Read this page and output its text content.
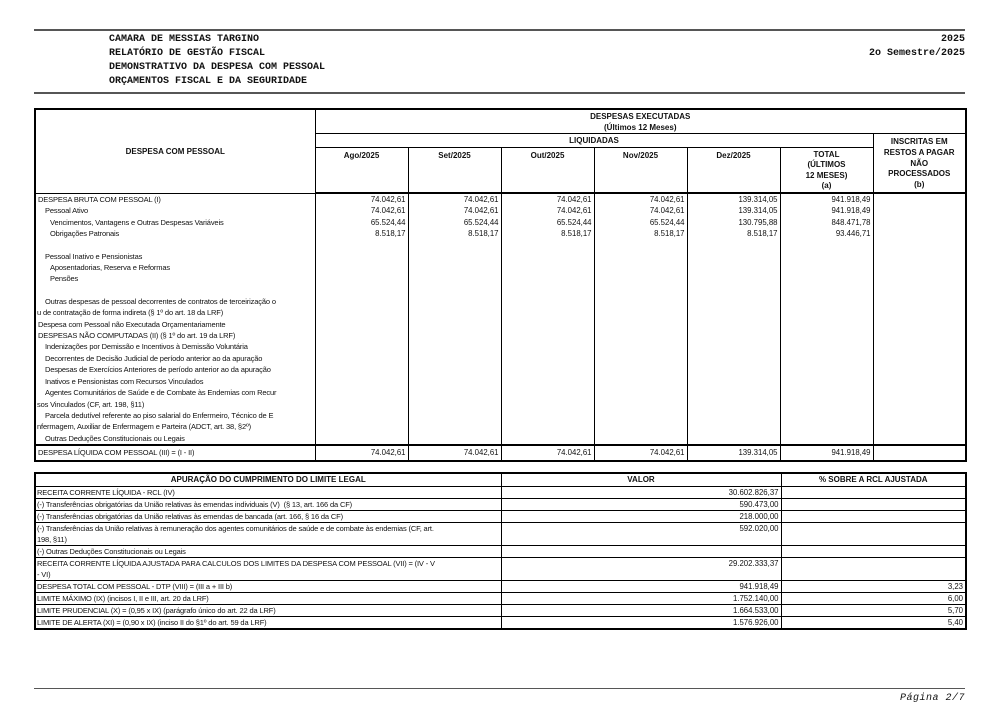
CAMARA DE MESSIAS TARGINO
RELATÓRIO DE GESTÃO FISCAL
DEMONSTRATIVO DA DESPESA COM PESSOAL
ORÇAMENTOS FISCAL E DA SEGURIDADE
2025
2o Semestre/2025
DESPESA COM PESSOAL	DESPESAS EXECUTADAS
(Últimos 12 Meses)						

	LIQUIDADAS						INSCRITAS EM
RESTOS A PAGAR
NÃO
PROCESSADOS
(b)

	Ago/2025	Set/2025	Out/2025	Nov/2025	Dez/2025	TOTAL
(ÚLTIMOS
12 MESES)
(a)	

DESPESA BRUTA COM PESSOAL (I)	74.042,61	74.042,61	74.042,61	74.042,61	139.314,05	941.918,49	

Pessoal Ativo	74.042,61	74.042,61	74.042,61	74.042,61	139.314,05	941.918,49	

Vencimentos, Vantagens e Outras Despesas Variáveis	65.524,44	65.524,44	65.524,44	65.524,44	130.795,88	848.471,78	

Obrigações Patronais	8.518,17	8.518,17	8.518,17	8.518,17	8.518,17	93.446,71	

Pessoal Inativo e Pensionistas							

Aposentadorias, Reserva e Reformas							

Pensões							

Outras despesas de pessoal decorrentes de contratos de terceirização o
u de contratação de forma indireta (§ 1º do art. 18 da LRF)							

Despesa com Pessoal não Executada Orçamentariamente							

DESPESAS NÃO COMPUTADAS (II) (§ 1º do art. 19 da LRF)							

Indenizações por Demissão e Incentivos à Demissão Voluntária							

Decorrentes de Decisão Judicial de período anterior ao da apuração							

Despesas de Exercícios Anteriores de período anterior ao da apuração							

Inativos e Pensionistas com Recursos Vinculados							

Agentes Comunitários de Saúde e de Combate às Endemias com Recur
sos Vinculados (CF, art. 198, §11)							

Parcela dedutível referente ao piso salarial do Enfermeiro, Técnico de E
nfermagem, Auxiliar de Enfermagem e Parteira (ADCT, art. 38, §2º)							

Outras Deduções Constitucionais ou Legais							

DESPESA LÍQUIDA COM PESSOAL (III) = (I - II)	74.042,61	74.042,61	74.042,61	74.042,61	139.314,05	941.918,49	
APURAÇÃO DO CUMPRIMENTO DO LIMITE LEGAL	VALOR	% SOBRE A RCL AJUSTADA

RECEITA CORRENTE LÍQUIDA - RCL (IV)	30.602.826,37	

(-) Transferências obrigatórias da União relativas às emendas individuais (V)  (§ 13, art. 166 da CF)	590.473,00	

(-) Transferências obrigatórias da União relativas às emendas de bancada (art. 166, § 16 da CF)	218.000,00	

(-) Transferências da União relativas à remuneração dos agentes comunitários de saúde e de combate às endemias (CF, art.
198, §11)	592.020,00	

(-) Outras Deduções Constitucionais ou Legais		

RECEITA CORRENTE LÍQUIDA AJUSTADA PARA CALCULOS DOS LIMITES DA DESPESA COM PESSOAL (VII) = (IV - V
- VI)	29.202.333,37	

DESPESA TOTAL COM PESSOAL - DTP (VIII) = (III a + III b)	941.918,49	3,23

LIMITE MÁXIMO (IX) (incisos I, II e III, art. 20 da LRF)	1.752.140,00	6,00

LIMITE PRUDENCIAL (X) = (0,95 x IX) (parágrafo único do art. 22 da LRF)	1.664.533,00	5,70

LIMITE DE ALERTA (XI) = (0,90 x IX) (inciso II do §1º do art. 59 da LRF)	1.576.926,00	5,40
Página 2/7
